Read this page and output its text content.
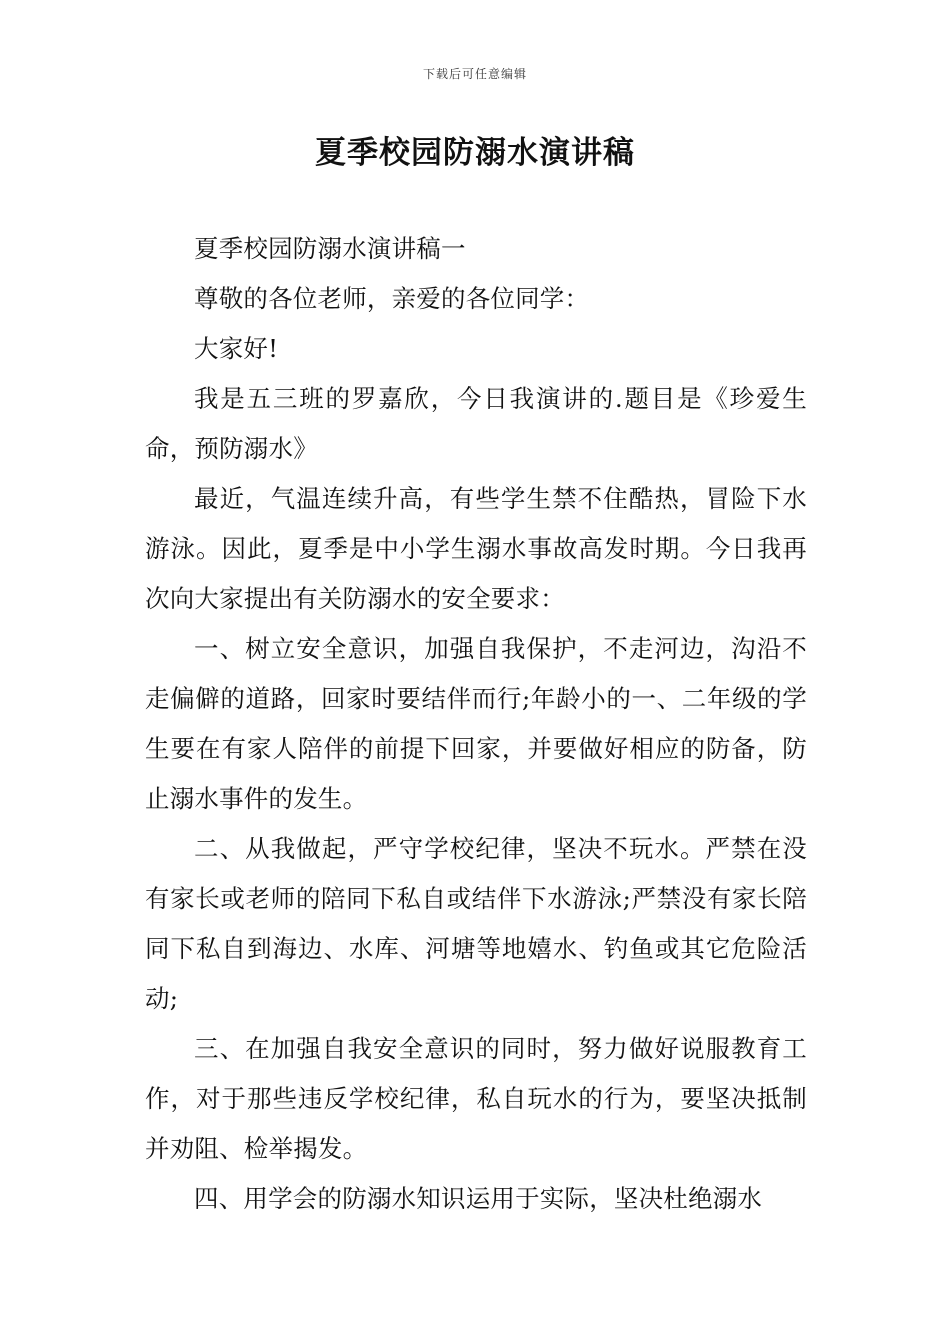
下载后可任意编辑
夏季校园防溺水演讲稿

夏季校园防溺水演讲稿一

尊敬的各位老师，亲爱的各位同学：

大家好!

我是五三班的罗嘉欣，今日我演讲的.题目是《珍爱生命，预防溺水》

最近，气温连续升高，有些学生禁不住酷热，冒险下水游泳。因此，夏季是中小学生溺水事故高发时期。今日我再次向大家提出有关防溺水的安全要求：

一、树立安全意识，加强自我保护，不走河边，沟沿不走偏僻的道路，回家时要结伴而行;年龄小的一、二年级的学生要在有家人陪伴的前提下回家，并要做好相应的防备，防止溺水事件的发生。

二、从我做起，严守学校纪律，坚决不玩水。严禁在没有家长或老师的陪同下私自或结伴下水游泳;严禁没有家长陪同下私自到海边、水库、河塘等地嬉水、钓鱼或其它危险活动;

三、在加强自我安全意识的同时，努力做好说服教育工作，对于那些违反学校纪律，私自玩水的行为，要坚决抵制并劝阻、检举揭发。

四、用学会的防溺水知识运用于实际，坚决杜绝溺水
